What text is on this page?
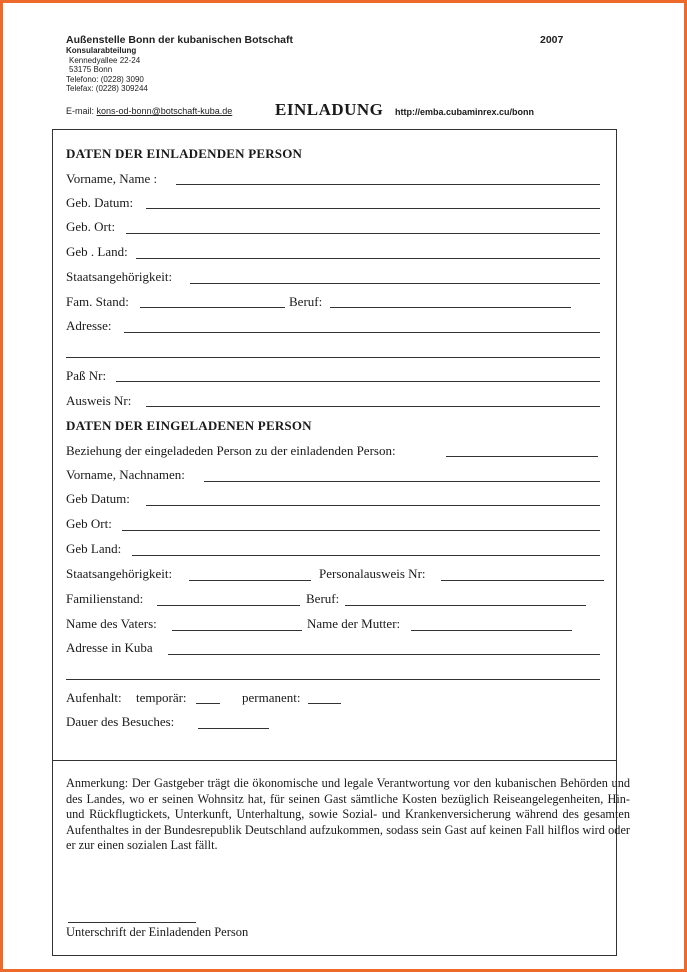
Außenstelle Bonn der kubanischen Botschaft	2007
Konsularabteilung
Kennedyallee 22-24
53175 Bonn
Telefono: (0228) 3090
Telefax: (0228) 309244
E-mail: kons-od-bonn@botschaft-kuba.de	EINLADUNG http://emba.cubaminrex.cu/bonn
DATEN DER EINLADENDEN PERSON
Vorname, Name :
Geb. Datum:
Geb. Ort:
Geb . Land:
Staatsangehörigkeit:
Fam. Stand:	Beruf:
Adresse:
Paß Nr:
Ausweis Nr:
DATEN DER EINGELADENEN PERSON
Beziehung der eingeladeden Person zu der einladenden Person:
Vorname, Nachnamen:
Geb Datum:
Geb Ort:
Geb Land:
Staatsangehörigkeit:	Personalausweis Nr:
Familienstand:	Beruf:
Name des Vaters:	Name der Mutter:
Adresse in Kuba
Aufenhalt: temporär:	permanent:
Dauer des Besuches:
Anmerkung: Der Gastgeber trägt die ökonomische und legale Verantwortung vor den kubanischen Behörden und des Landes, wo er seinen Wohnsitz hat, für seinen Gast sämtliche Kosten bezüglich Reiseangelegenheiten, Hin- und Rückflugtickets, Unterkunft, Unterhaltung, sowie Sozial- und Krankenversicherung während des gesamten Aufenthaltes in der Bundesrepublik Deutschland aufzukommen, sodass sein Gast auf keinen Fall hilflos wird oder er zur einen sozialen Last fällt.
Unterschrift der Einladenden Person
